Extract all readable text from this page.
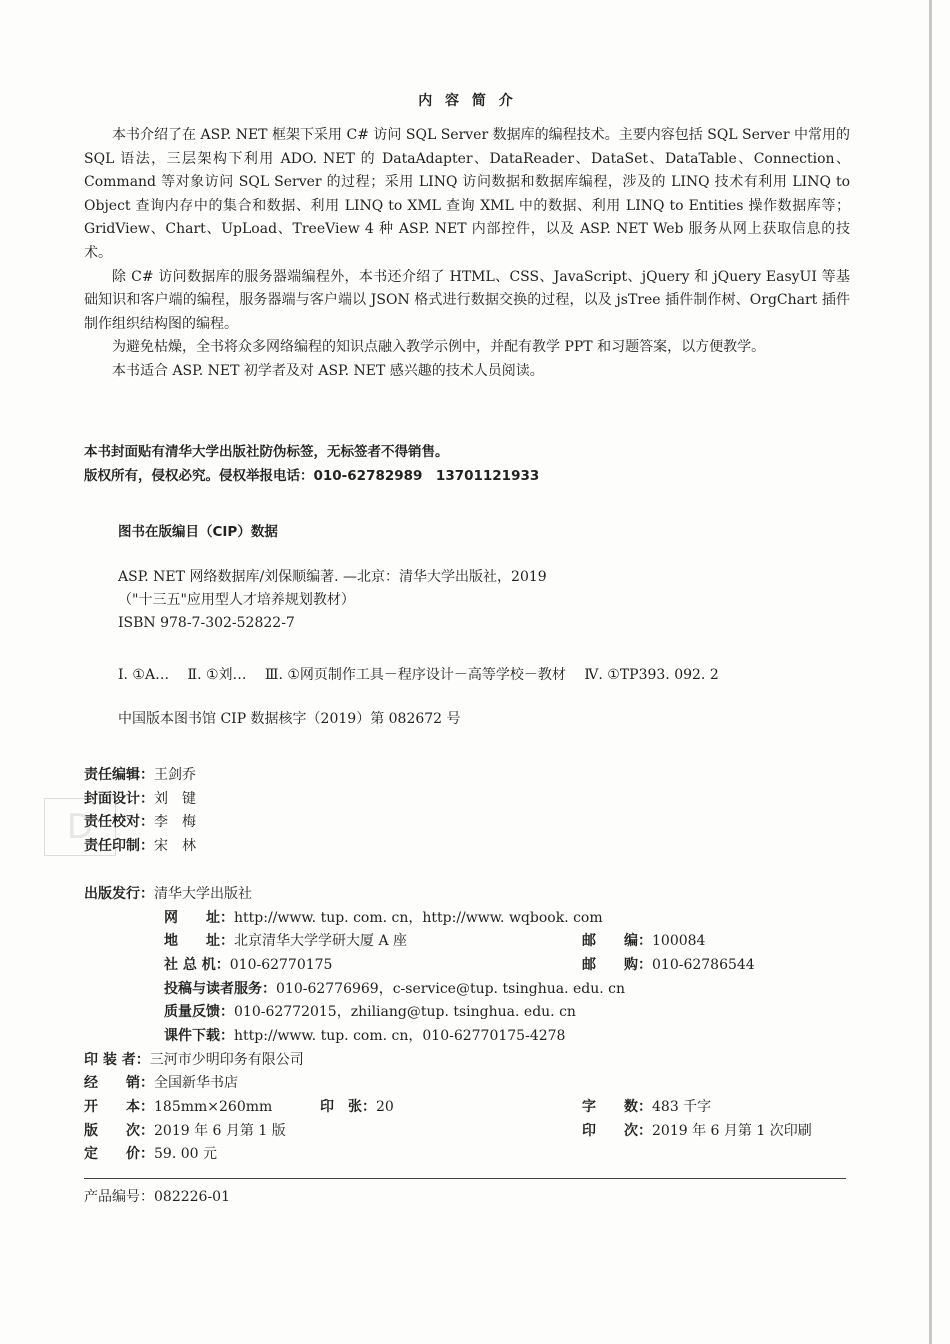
内 容 简 介

本书介绍了在 ASP. NET 框架下采用 C# 访问 SQL Server 数据库的编程技术。主要内容包括 SQL Server 中常用的 SQL 语法，三层架构下利用 ADO. NET 的 DataAdapter、DataReader、DataSet、DataTable、Connection、Command 等对象访问 SQL Server 的过程；采用 LINQ 访问数据和数据库编程，涉及的 LINQ 技术有利用 LINQ to Object 查询内存中的集合和数据、利用 LINQ to XML 查询 XML 中的数据、利用 LINQ to Entities 操作数据库等；GridView、Chart、UpLoad、TreeView 4 种 ASP. NET 内部控件，以及 ASP. NET Web 服务从网上获取信息的技术。

除 C# 访问数据库的服务器端编程外，本书还介绍了 HTML、CSS、JavaScript、jQuery 和 jQuery EasyUI 等基础知识和客户端的编程，服务器端与客户端以 JSON 格式进行数据交换的过程，以及 jsTree 插件制作树、OrgChart 插件制作组织结构图的编程。

为避免枯燥，全书将众多网络编程的知识点融入教学示例中，并配有教学 PPT 和习题答案，以方便教学。

本书适合 ASP. NET 初学者及对 ASP. NET 感兴趣的技术人员阅读。

本书封面贴有清华大学出版社防伪标签，无标签者不得销售。
版权所有，侵权必究。侵权举报电话：010-62782989　13701121933
图书在版编目（CIP）数据
ASP. NET 网络数据库/刘保顺编著. —北京：清华大学出版社，2019
（"十三五"应用型人才培养规划教材）
ISBN 978-7-302-52822-7
Ⅰ. ①A… Ⅱ. ①刘… Ⅲ. ①网页制作工具－程序设计－高等学校－教材 Ⅳ. ①TP393. 092. 2
中国版本图书馆 CIP 数据核字（2019）第 082672 号
D
责任编辑：王剑乔
封面设计：刘　键
责任校对：李　梅
责任印制：宋　林
出版发行：清华大学出版社
网　　址：http://www. tup. com. cn，http://www. wqbook. com
地　　址：北京清华大学学研大厦 A 座	邮　　编：100084
社 总 机：010-62770175	邮　　购：010-62786544
投稿与读者服务：010-62776969，c-service@tup. tsinghua. edu. cn
质量反馈：010-62772015，zhiliang@tup. tsinghua. edu. cn
课件下载：http://www. tup. com. cn，010-62770175-4278
印 装 者：三河市少明印务有限公司
经　　销：全国新华书店
开　　本：185mm×260mm	印　张：20	字　　数：483 千字
版　　次：2019 年 6 月第 1 版	印　　次：2019 年 6 月第 1 次印刷
定　　价：59. 00 元
产品编号：082226-01
